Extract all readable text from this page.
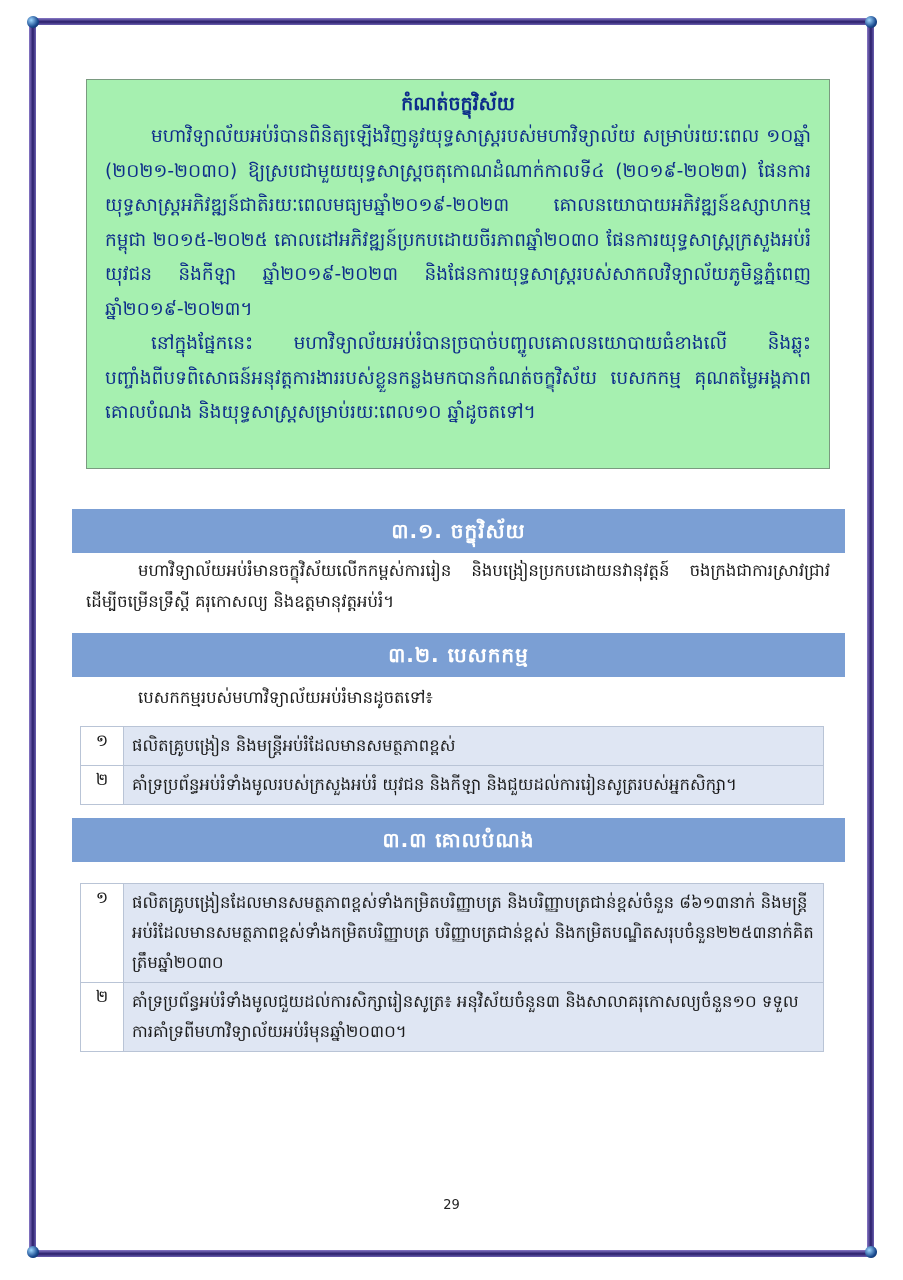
កំណត់ចក្ខុវិស័យ

មហាវិទ្យាល័យអប់រំបានពិនិត្យឡើងវិញនូវយុទ្ធសាស្ត្ររបស់មហាវិទ្យាល័យ សម្រាប់រយៈពេល ១០ឆ្នាំ (២០២១-២០៣០) ឱ្យស្របជាមួយយុទ្ធសាស្ត្រចតុកោណដំណាក់កាលទី៤ (២០១៩-២០២៣) ផែនការយុទ្ធសាស្ត្រអភិវឌ្ឍន៍ជាតិរយៈពេលមធ្យមឆ្នាំ២០១៩-២០២៣ គោលនយោបាយអភិវឌ្ឍន៍ឧស្សាហកម្មកម្ពុជា ២០១៥-២០២៥ គោលដៅអភិវឌ្ឍន៍ប្រកបដោយចីរភាពឆ្នាំ២០៣០ ផែនការយុទ្ធសាស្ត្រក្រសួងអប់រំ យុវជន និងកីឡា ឆ្នាំ២០១៩-២០២៣ និងផែនការយុទ្ធសាស្ត្ររបស់សាកលវិទ្យាល័យភូមិន្ទភ្នំពេញ ឆ្នាំ២០១៩-២០២៣។

នៅក្នុងផ្នែកនេះ មហាវិទ្យាល័យអប់រំបានច្របាច់បញ្ចូលគោលនយោបាយធំខាងលើ និងឆ្លុះបញ្ចាំងពីបទពិសោធន៍អនុវត្តការងាររបស់ខ្លួនកន្លងមកបានកំណត់ចក្ខុវិស័យ បេសកកម្ម គុណតម្លៃអង្គភាព គោលបំណង និងយុទ្ធសាស្ត្រសម្រាប់រយៈពេល១០ ឆ្នាំដូចតទៅ។

៣.១. ចក្ខុវិស័យ

មហាវិទ្យាល័យអប់រំមានចក្ខុវិស័យលើកកម្ពស់ការរៀន និងបង្រៀនប្រកបដោយនវានុវត្តន៍ ចងក្រងជាការស្រាវជ្រាវ ដើម្បីចម្រើនទ្រឹស្តី គរុកោសល្យ និងឧត្តមានុវត្តអប់រំ។

៣.២. បេសកកម្ម

បេសកកម្មរបស់មហាវិទ្យាល័យអប់រំមានដូចតទៅ៖

១	ផលិតគ្រូបង្រៀន និងមន្ត្រីអប់រំដែលមានសមត្ថភាពខ្ពស់
២	គាំទ្រប្រព័ន្ធអប់រំទាំងមូលរបស់ក្រសួងអប់រំ យុវជន និងកីឡា និងជួយដល់ការរៀនសូត្ររបស់អ្នកសិក្សា។
៣.៣ គោលបំណង
១	ផលិតគ្រូបង្រៀនដែលមានសមត្ថភាពខ្ពស់ទាំងកម្រិតបរិញ្ញាបត្រ និងបរិញ្ញាបត្រជាន់ខ្ពស់ចំនួន ៨៦១៣នាក់ និងមន្ត្រីអប់រំដែលមានសមត្ថភាពខ្ពស់ទាំងកម្រិតបរិញ្ញាបត្រ បរិញ្ញាបត្រជាន់ខ្ពស់ និងកម្រិតបណ្ឌិតសរុបចំនួន២២៥៣នាក់គិតត្រឹមឆ្នាំ២០៣០
២	គាំទ្រប្រព័ន្ធអប់រំទាំងមូលជួយដល់ការសិក្សារៀនសូត្រ៖ អនុវិស័យចំនួន៣ និងសាលាគរុកោសល្យចំនួន១០ ទទួលការគាំទ្រពីមហាវិទ្យាល័យអប់រំមុនឆ្នាំ២០៣០។
29
